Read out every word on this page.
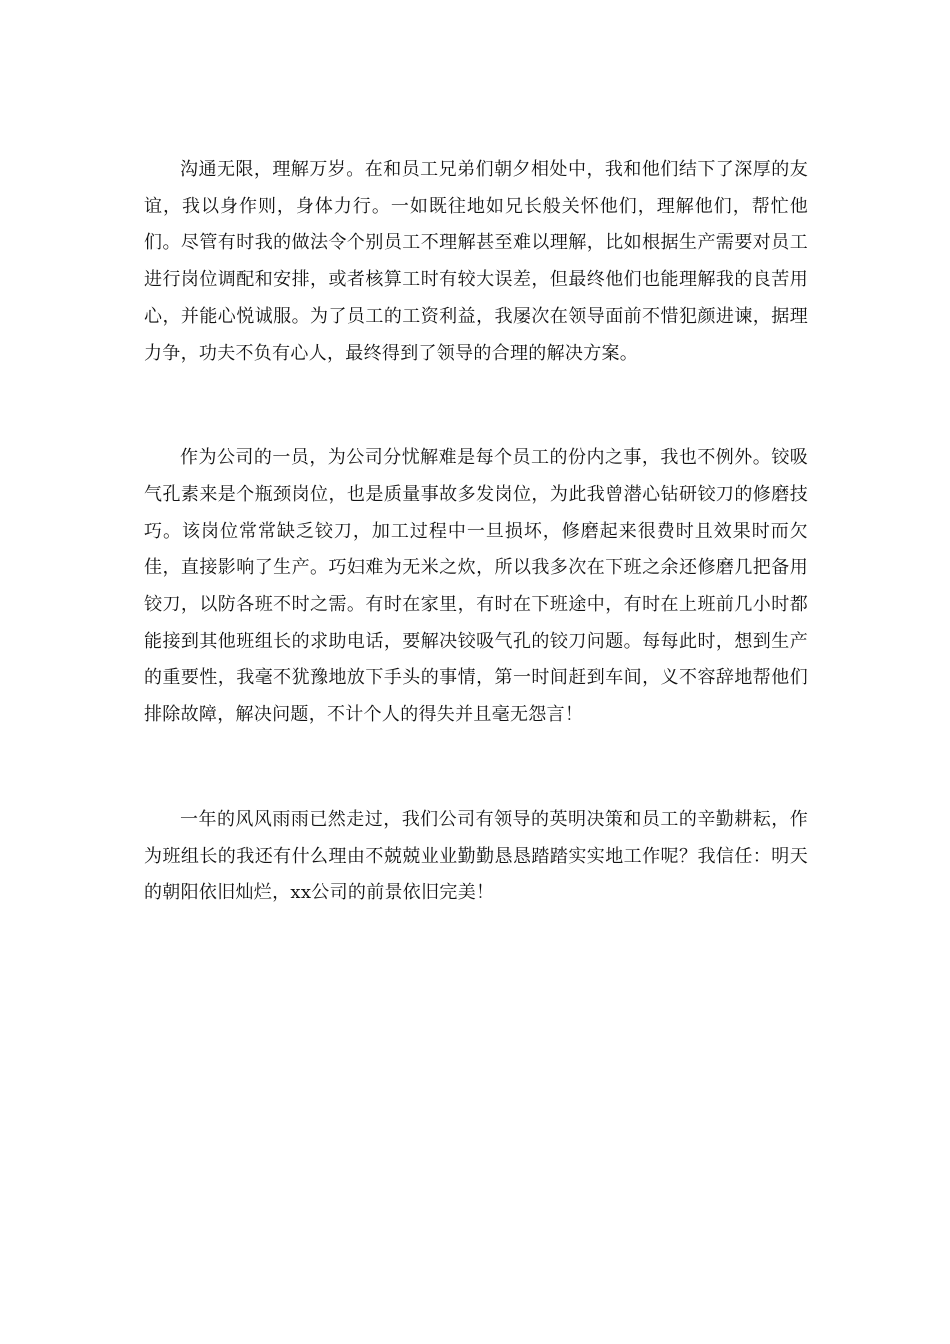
沟通无限，理解万岁。在和员工兄弟们朝夕相处中，我和他们结下了深厚的友谊，我以身作则，身体力行。一如既往地如兄长般关怀他们，理解他们，帮忙他们。尽管有时我的做法令个别员工不理解甚至难以理解，比如根据生产需要对员工进行岗位调配和安排，或者核算工时有较大误差，但最终他们也能理解我的良苦用心，并能心悦诚服。为了员工的工资利益，我屡次在领导面前不惜犯颜进谏，据理力争，功夫不负有心人，最终得到了领导的合理的解决方案。

作为公司的一员，为公司分忧解难是每个员工的份内之事，我也不例外。铰吸气孔素来是个瓶颈岗位，也是质量事故多发岗位，为此我曾潜心钻研铰刀的修磨技巧。该岗位常常缺乏铰刀，加工过程中一旦损坏，修磨起来很费时且效果时而欠佳，直接影响了生产。巧妇难为无米之炊，所以我多次在下班之余还修磨几把备用铰刀，以防各班不时之需。有时在家里，有时在下班途中，有时在上班前几小时都能接到其他班组长的求助电话，要解决铰吸气孔的铰刀问题。每每此时，想到生产的重要性，我毫不犹豫地放下手头的事情，第一时间赶到车间，义不容辞地帮他们排除故障，解决问题，不计个人的得失并且毫无怨言！

一年的风风雨雨已然走过，我们公司有领导的英明决策和员工的辛勤耕耘，作为班组长的我还有什么理由不兢兢业业勤勤恳恳踏踏实实地工作呢？我信任：明天的朝阳依旧灿烂，xx公司的前景依旧完美！
